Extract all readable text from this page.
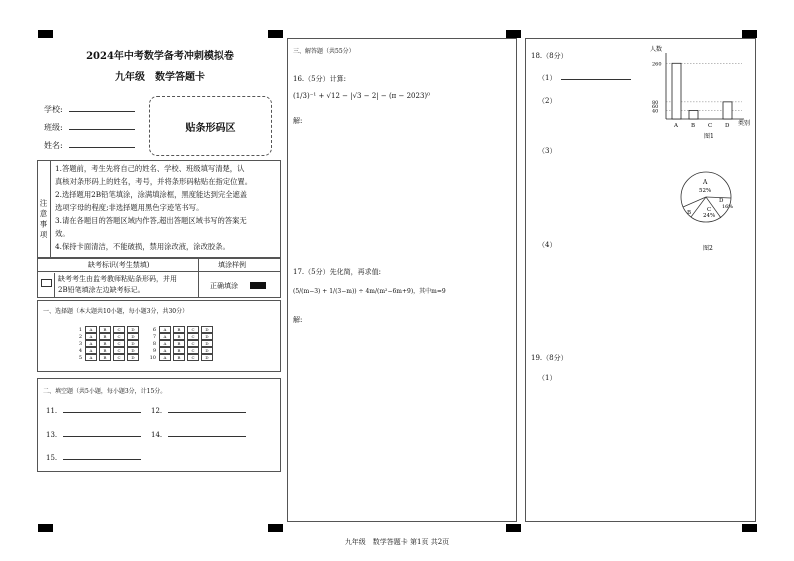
2024年中考数学备考冲刺模拟卷
九年级　数学答题卡
学校:
班级:
姓名:
贴条形码区
注意事项
1.答题前，考生先将自己的姓名、学校、班级填写清楚，认
真核对条形码上的姓名，考号，并将条形码粘贴在指定位置。
2.选择题用2B铅笔填涂，涂满填涂框，黑度能达到完全遮盖
选项字母的程度;非选择题用黑色字迹笔书写。
3.请在各题目的答题区域内作答,超出答题区域书写的答案无
效。
4.保持卡面清洁，不能破损，禁用涂改液，涂改胶条。
缺考标识(考生禁填)	填涂样例
缺考考生由监考教师粘贴条形码，并用
2B铅笔填涂左边缺考标记。	正确填涂
一、选择题（本大题共10小题，每小题3分，共30分）
1 A	B	C	D
2 A	B	C	D
3 A	B	C	D
4 A	B	C	D
5 A	B	C	D
6 A	B	C	D
7 A	B	C	D
8 A	B	C	D
9 A	B	C	D
10 A	B	C	D
二、填空题（共5小题，每小题3分，计15分。
11.	12.
13.	14.
15.
三、解答题（共55分）
16.（5分）计算:
(1/3)⁻¹ + √12 − |√3 − 2| − (π − 2023)⁰
解:
17.（5分）先化简，再求值:
(5/(m−3) + 1/(3−m)) ÷ 4m/(m²−6m+9)，其中m=9
解:
18.（8分）
（1）
（2）
（3）
（4）
人数
类别
图1
260
80
40
60
A B C D
A
52%
B	C
24%
D
16%
图2
19.（8分）
（1）
九年级　数学答题卡 第1页 共2页
